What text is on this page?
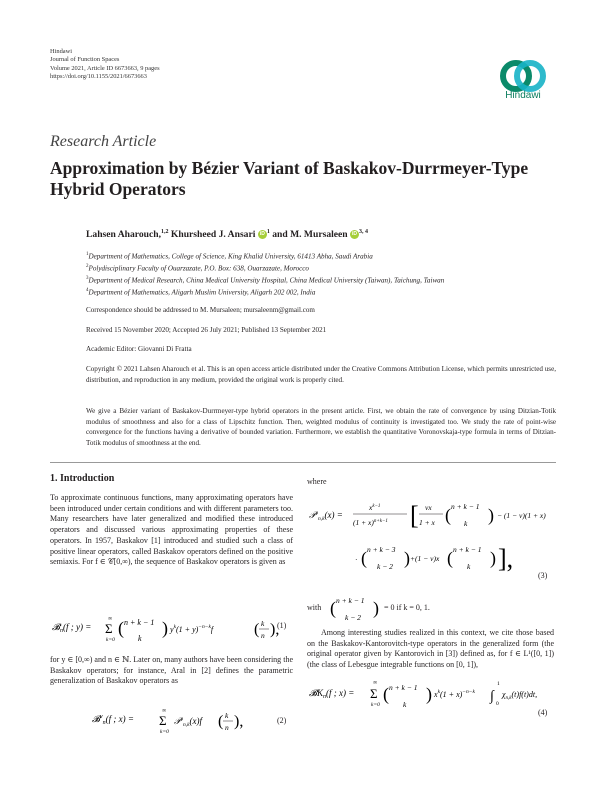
Hindawi
Journal of Function Spaces
Volume 2021, Article ID 6673663, 9 pages
https://doi.org/10.1155/2021/6673663
Hindawi
Research Article
Approximation by Bézier Variant of Baskakov-Durrmeyer-Type
Hybrid Operators
Lahsen Aharouch,$^{1,2}$ Khursheed J. Ansari iD $^1$ and M. Mursaleen iD $^{3, 4}$
$^1$Department of Mathematics, College of Science, King Khalid University, 61413 Abha, Saudi Arabia
$^2$Polydisciplinary Faculty of Ouarzazate, P.O. Box: 638, Ouarzazate, Morocco
$^3$Department of Medical Research, China Medical University Hospital, China Medical University (Taiwan), Taichung, Taiwan
$^4$Department of Mathematics, Aligarh Muslim University, Aligarh 202 002, India
Correspondence should be addressed to M. Mursaleen; mursaleenm@gmail.com
Received 15 November 2020; Accepted 26 July 2021; Published 13 September 2021
Academic Editor: Giovanni Di Fratta
Copyright © 2021 Lahsen Aharouch et al. This is an open access article distributed under the Creative Commons Attribution License, which permits unrestricted use, distribution, and reproduction in any medium, provided the original work is properly cited.
We give a Bézier variant of Baskakov-Durrmeyer-type hybrid operators in the present article. First, we obtain the rate of convergence by using Ditzian-Totik modulus of smoothness and also for a class of Lipschitz function. Then, weighted modulus of continuity is investigated too. We study the rate of point-wise convergence for the functions having a derivative of bounded variation. Furthermore, we establish the quantitative Voronovskaja-type formula in terms of Ditzian-Totik modulus of smoothness at the end.
1. Introduction
To approximate continuous functions, many approximating operators have been introduced under certain conditions and with different parameters too. Many researchers have later generalized and modified these introduced operators and discussed various approximating properties of these operators. In 1957, Baskakov [1] introduced and studied such a class of positive linear operators, called Baskakov operators defined on the positive semiaxis. For f ∈ 𝒞[0,∞), the sequence of Baskakov operators is given as
𝓑$_n$(f ; y) =
∞
Σ
k=0
( n + k − 1
k
) $y^k(1 + y)^{-n-k}f$	( k
n ),
(1)
for y ∈ [0,∞) and n ∈ ℕ. Later on, many authors have been considering the Baskakov operators; for instance, Aral in [2] defines the parametric generalization of Baskakov operators as
𝓑$^\nu_n$(f ; x) =
∞
Σ
k=0
𝒫$^\nu_{n,k}$(x)f ( k
n ),	(2)
where
𝒫$^\nu_{n,k}$(x) =
$x^{k-1}$
$(1 + x)^{n+k-1}$ [ νx
1 + x ( n + k − 1
k ) − (1 − ν)(1 + x)
· ( n + k − 3
k − 2 ) +(1 − ν)x ( n + k − 1
k ) ],
(3)
with ( n + k − 1
k − 2 ) = 0 if k = 0, 1.
Among interesting studies realized in this context, we cite those based on the Baskakov-Kantorovitch-type operators in the generalized form (the original operator given by Kantorovich in [3]) defined as, for f ∈ L¹([0, 1]) (the class of Lebesgue integrable functions on [0, 1]),
𝓑K$_n$(f ; x) =
∞
Σ
k=0
( n + k − 1
k
) $x^k(1 + x)^{-n-k}$ ∫
1
0
$\chi_{n,k}(t)f(t)dt$,
(4)
